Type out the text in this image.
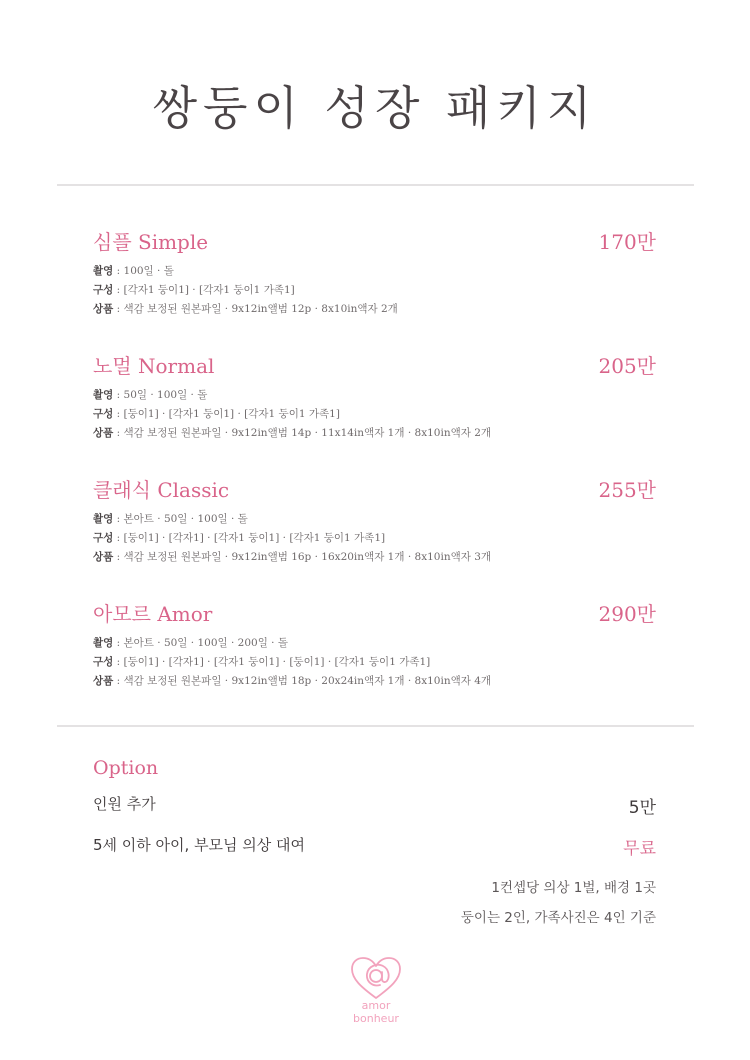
쌍둥이 성장 패키지
심플 Simple	170만
촬영 : 100일 · 돌
구성 : [각자1 둥이1] · [각자1 둥이1 가족1]
상품 : 색감 보정된 원본파일 · 9x12in앨범 12p · 8x10in액자 2개
노멀 Normal	205만
촬영 : 50일 · 100일 · 돌
구성 : [둥이1] · [각자1 둥이1] · [각자1 둥이1 가족1]
상품 : 색감 보정된 원본파일 · 9x12in앨범 14p · 11x14in액자 1개 · 8x10in액자 2개
클래식 Classic	255만
촬영 : 본아트 · 50일 · 100일 · 돌
구성 : [둥이1] · [각자1] · [각자1 둥이1] · [각자1 둥이1 가족1]
상품 : 색감 보정된 원본파일 · 9x12in앨범 16p · 16x20in액자 1개 · 8x10in액자 3개
아모르 Amor	290만
촬영 : 본아트 · 50일 · 100일 · 200일 · 돌
구성 : [둥이1] · [각자1] · [각자1 둥이1] · [둥이1] · [각자1 둥이1 가족1]
상품 : 색감 보정된 원본파일 · 9x12in앨범 18p · 20x24in액자 1개 · 8x10in액자 4개
Option
인원 추가	5만
5세 이하 아이, 부모님 의상 대여	무료
1컨셉당 의상 1벌, 배경 1곳
둥이는 2인, 가족사진은 4인 기준
amor
bonheur
